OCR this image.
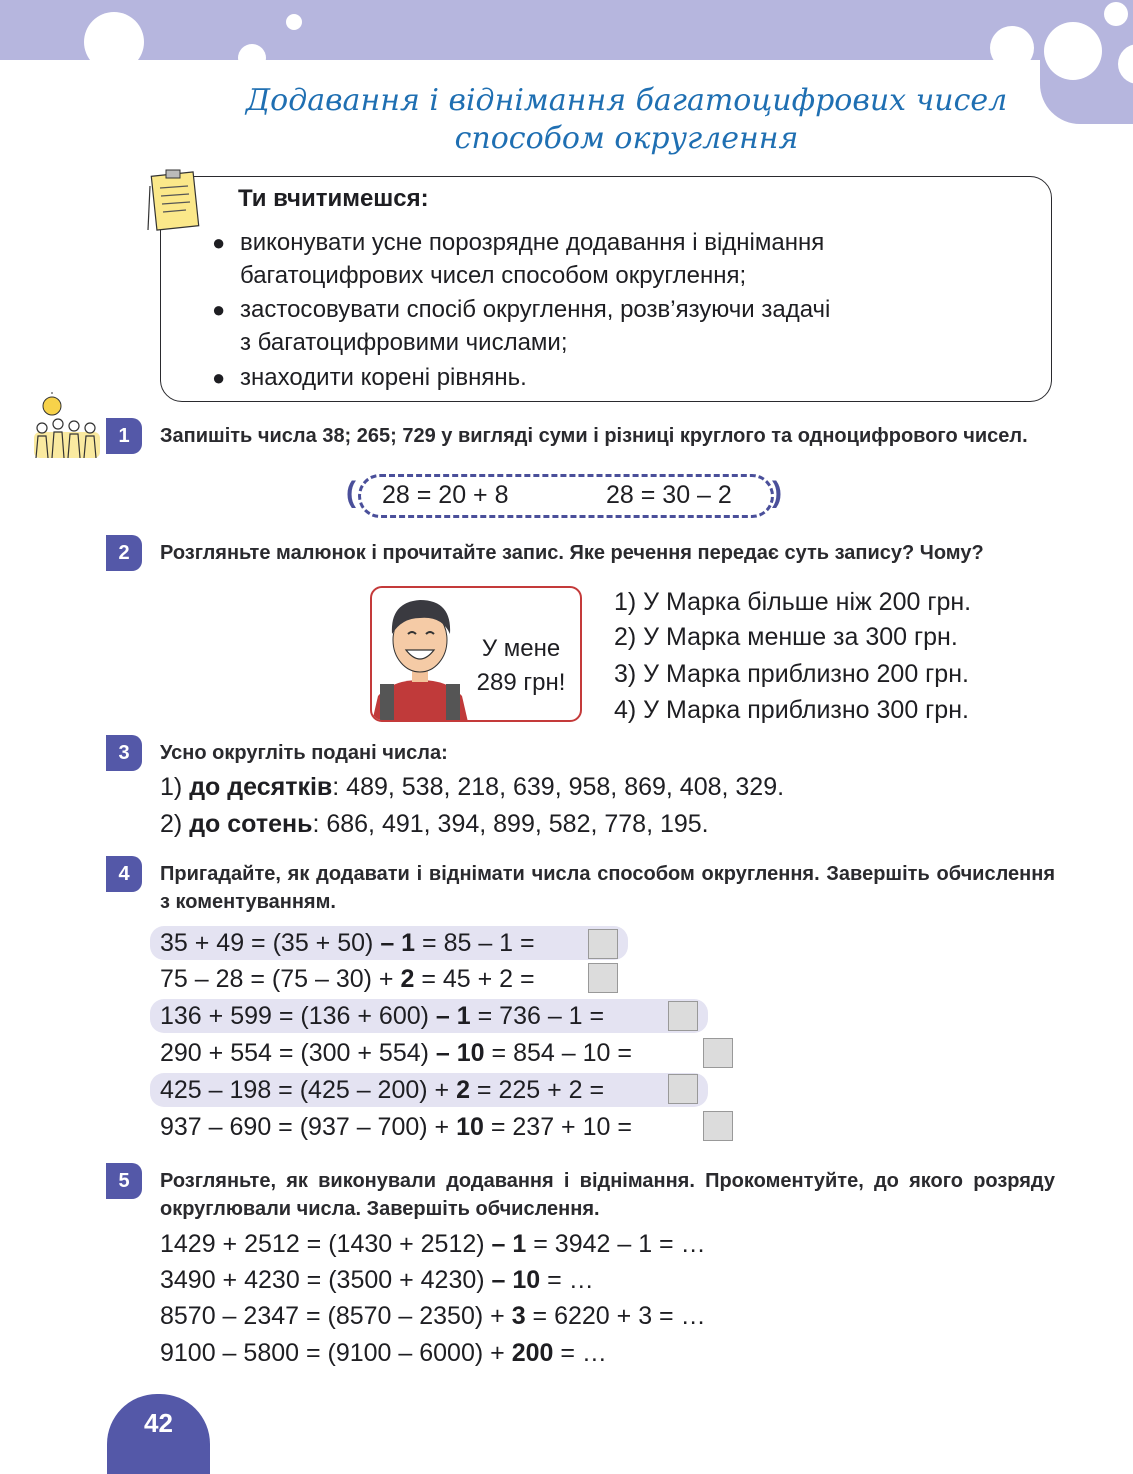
Додавання і віднімання багатоцифрових чисел
способом округлення
Ти вчитимешся:
● виконувати усне порозрядне додавання і віднімання
багатоцифрових чисел способом округлення;
● застосовувати спосіб округлення, розв’язуючи задачі
з багатоцифровими числами;
● знаходити корені рівнянь.
1	Запишіть числа 38; 265; 729 у вигляді суми і різниці круглого та одноцифрового чисел.
(	)
28 = 20 + 8	28 = 30 – 2
2	Розгляньте малюнок і прочитайте запис. Яке речення передає суть запису? Чому?
У мене
289 грн!
1) У Марка більше ніж 200 грн.
2) У Марка менше за 300 грн.
3) У Марка приблизно 200 грн.
4) У Марка приблизно 300 грн.
3	Усно округліть подані числа:
1) до десятків: 489, 538, 218, 639, 958, 869, 408, 329.
2) до сотень: 686, 491, 394, 899, 582, 778, 195.
4	Пригадайте, як додавати і віднімати числа способом округлення. Завершіть обчислення з коментуванням.
35 + 49 = (35 + 50) – 1 = 85 – 1 =
75 – 28 = (75 – 30) + 2 = 45 + 2 =
136 + 599 = (136 + 600) – 1 = 736 – 1 =
290 + 554 = (300 + 554) – 10 = 854 – 10 =
425 – 198 = (425 – 200) + 2 = 225 + 2 =
937 – 690 = (937 – 700) + 10 = 237 + 10 =
5	Розгляньте, як виконували додавання і віднімання. Прокоментуйте, до якого розряду округлювали числа. Завершіть обчислення.
1429 + 2512 = (1430 + 2512) – 1 = 3942 – 1 = …
3490 + 4230 = (3500 + 4230) – 10 = …
8570 – 2347 = (8570 – 2350) + 3 = 6220 + 3 = …
9100 – 5800 = (9100 – 6000) + 200 = …
42
